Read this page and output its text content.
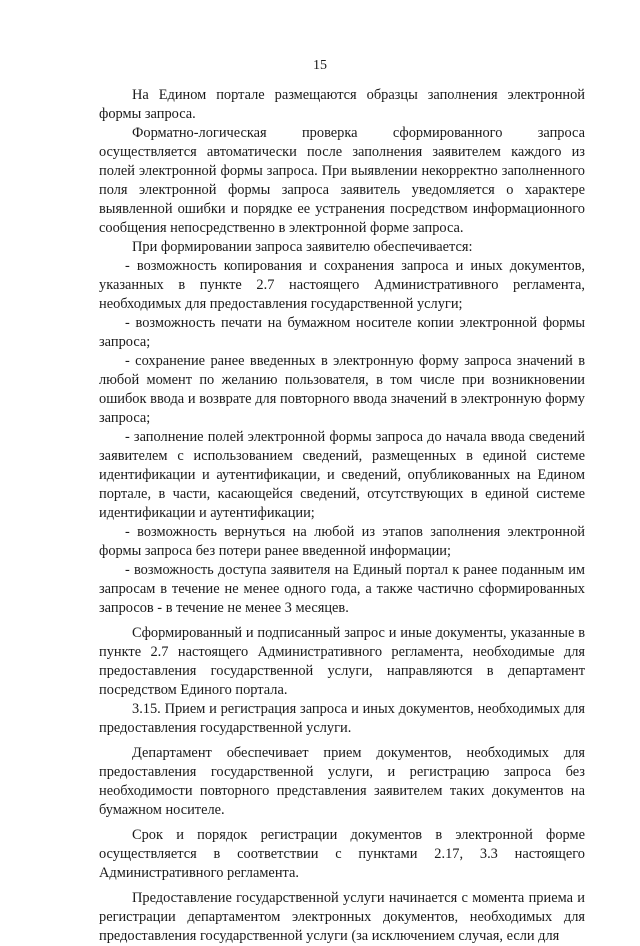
15

На Едином портале размещаются образцы заполнения электронной формы запроса.

Форматно-логическая проверка сформированного запроса осуществляется автоматически после заполнения заявителем каждого из полей электронной формы запроса. При выявлении некорректно заполненного поля электронной формы запроса заявитель уведомляется о характере выявленной ошибки и порядке ее устранения посредством информационного сообщения непосредственно в электронной форме запроса.

При формировании запроса заявителю обеспечивается:

- возможность копирования и сохранения запроса и иных документов, указанных в пункте 2.7 настоящего Административного регламента, необходимых для предоставления государственной услуги;

- возможность печати на бумажном носителе копии электронной формы запроса;

- сохранение ранее введенных в электронную форму запроса значений в любой момент по желанию пользователя, в том числе при возникновении ошибок ввода и возврате для повторного ввода значений в электронную форму запроса;

- заполнение полей электронной формы запроса до начала ввода сведений заявителем с использованием сведений, размещенных в единой системе идентификации и аутентификации, и сведений, опубликованных на Едином портале, в части, касающейся сведений, отсутствующих в единой системе идентификации и аутентификации;

- возможность вернуться на любой из этапов заполнения электронной формы запроса без потери ранее введенной информации;

- возможность доступа заявителя на Единый портал к ранее поданным им запросам в течение не менее одного года, а также частично сформированных запросов - в течение не менее 3 месяцев.

Сформированный и подписанный запрос и иные документы, указанные в пункте 2.7 настоящего Административного регламента, необходимые для предоставления государственной услуги, направляются в департамент посредством Единого портала.

3.15. Прием и регистрация запроса и иных документов, необходимых для предоставления государственной услуги.

Департамент обеспечивает прием документов, необходимых для предоставления государственной услуги, и регистрацию запроса без необходимости повторного представления заявителем таких документов на бумажном носителе.

Срок и порядок регистрации документов в электронной форме осуществляется в соответствии с пунктами 2.17, 3.3 настоящего Административного регламента.

Предоставление государственной услуги начинается с момента приема и регистрации департаментом электронных документов, необходимых для предоставления государственной услуги (за исключением случая, если для
